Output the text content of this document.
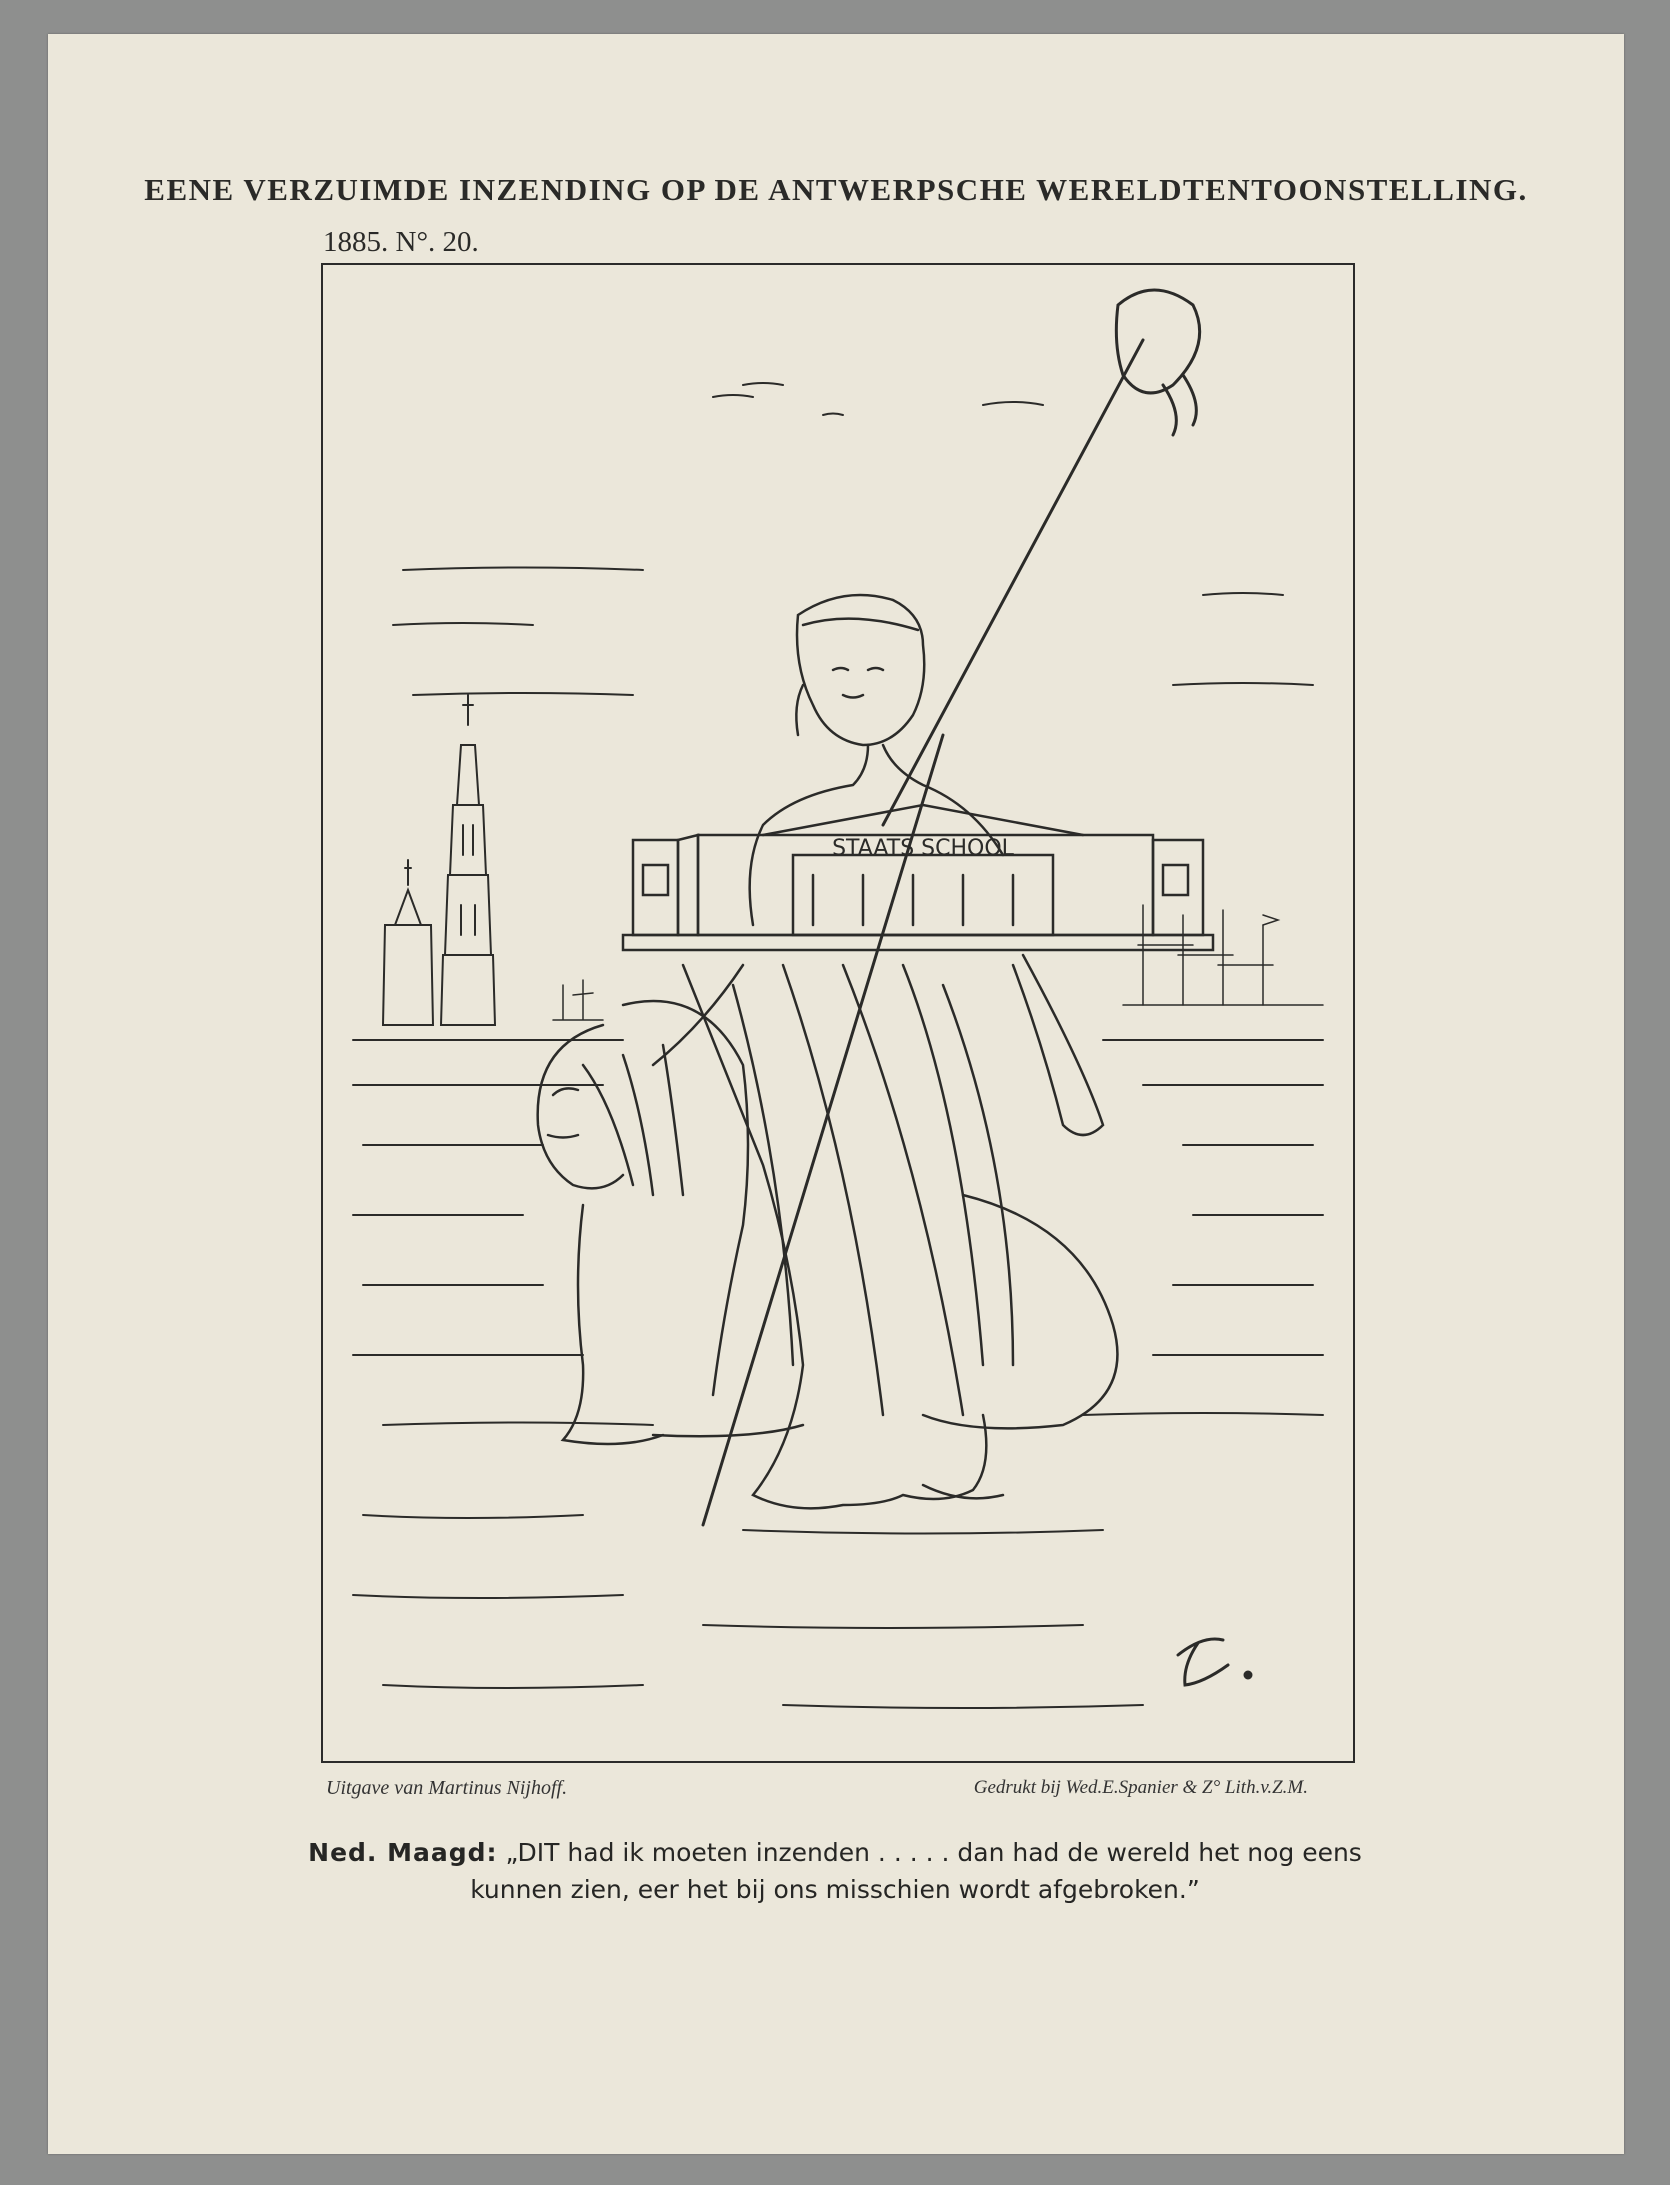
EENE VERZUIMDE INZENDING OP DE ANTWERPSCHE WERELDTENTOONSTELLING.
1885. N°. 20.
STAATS SCHOOL
Uitgave van Martinus Nijhoff.	Gedrukt bij Wed.E.Spanier & Z° Lith.v.Z.M.
Ned. Maagd: „DIT had ik moeten inzenden . . . . . dan had de wereld het nog eens
kunnen zien, eer het bij ons misschien wordt afgebroken.”
